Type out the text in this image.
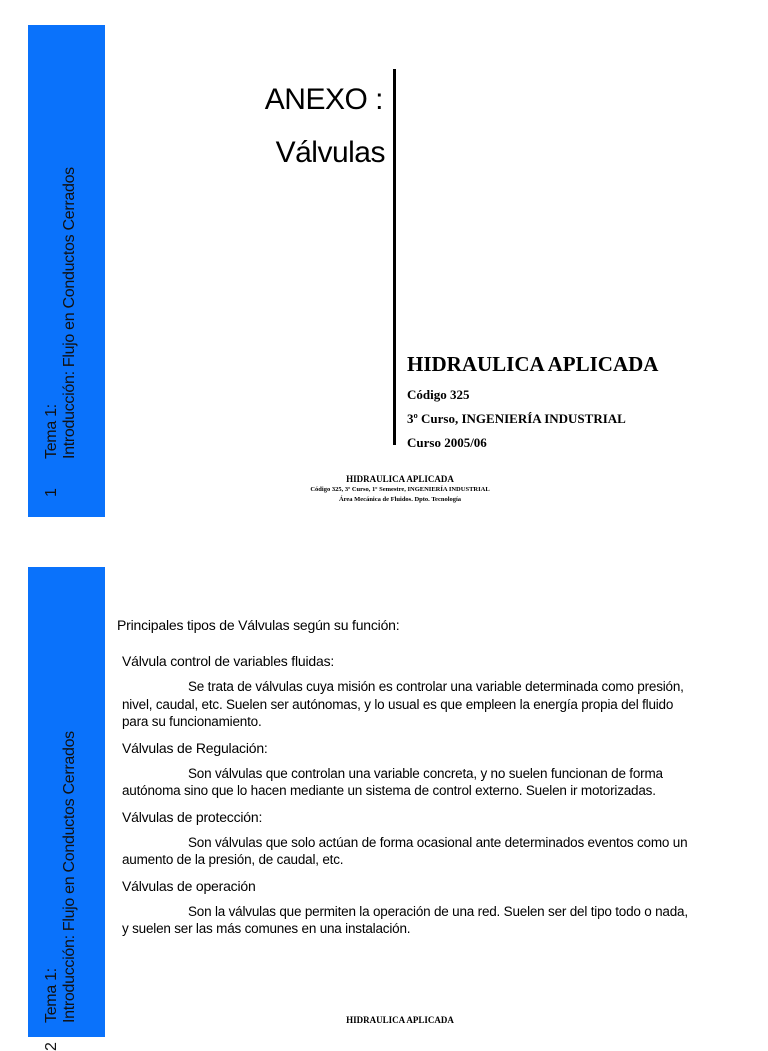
1
Tema 1: Introducción: Flujo en Conductos Cerrados
ANEXO :
Válvulas
HIDRAULICA APLICADA
Código 325
3º Curso, INGENIERÍA INDUSTRIAL
Curso 2005/06
HIDRAULICA APLICADA
Código 325, 3º Curso, 1º Semestre, INGENIERÍA INDUSTRIAL
Área Mecánica de Fluidos. Dpto. Tecnología
2
Tema 1: Introducción: Flujo en Conductos Cerrados
Principales tipos de Válvulas según su función:
Válvula control de variables fluidas:
Se trata de válvulas cuya misión es controlar una variable determinada como presión, nivel, caudal, etc. Suelen ser autónomas, y lo usual es que empleen la energía propia del fluido para su funcionamiento.
Válvulas de Regulación:
Son válvulas que controlan una variable concreta, y no suelen funcionan de forma autónoma sino que lo hacen mediante un sistema de control externo. Suelen ir motorizadas.
Válvulas de protección:
Son válvulas que solo actúan de forma ocasional ante determinados eventos como un aumento de la presión, de caudal, etc.
Válvulas de operación
Son la válvulas que permiten la operación de una red. Suelen ser del tipo todo o nada, y suelen ser las más comunes en una instalación.
HIDRAULICA APLICADA
